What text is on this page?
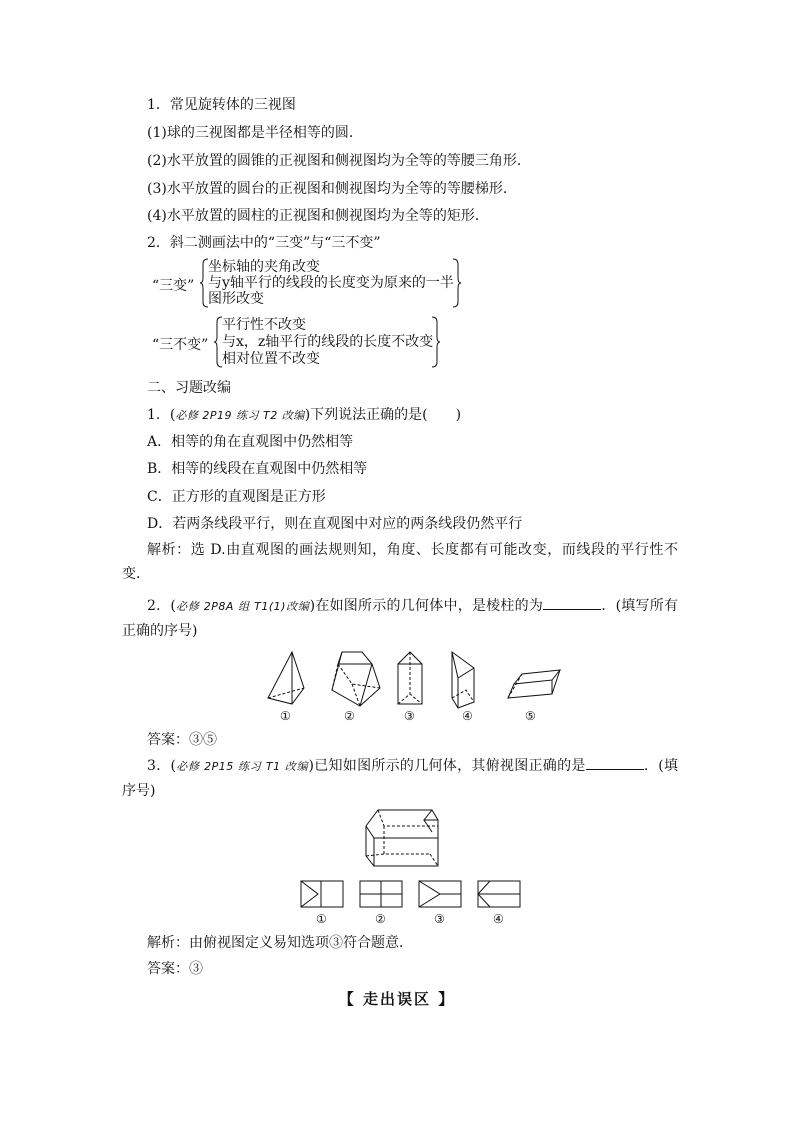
1．常见旋转体的三视图
(1)球的三视图都是半径相等的圆．
(2)水平放置的圆锥的正视图和侧视图均为全等的等腰三角形．
(3)水平放置的圆台的正视图和侧视图均为全等的等腰梯形．
(4)水平放置的圆柱的正视图和侧视图均为全等的矩形．
2．斜二测画法中的“三变”与“三不变”
“三变”
坐标轴的夹角改变
与y轴平行的线段的长度变为原来的一半
图形改变
“三不变”
平行性不改变
与x，z轴平行的线段的长度不改变
相对位置不改变
二、习题改编
1．(必修 2P19 练习 T2 改编)下列说法正确的是(　　)
A．相等的角在直观图中仍然相等
B．相等的线段在直观图中仍然相等
C．正方形的直观图是正方形
D．若两条线段平行，则在直观图中对应的两条线段仍然平行
解析：选 D.由直观图的画法规则知，角度、长度都有可能改变，而线段的平行性不变．
2．(必修 2P8A 组 T1(1)改编)在如图所示的几何体中，是棱柱的为	．(填写所有正确的序号)
①	②	③	④	⑤
答案：③⑤
3．(必修 2P15 练习 T1 改编)已知如图所示的几何体，其俯视图正确的是	．(填序号)
①	②	③	④
解析：由俯视图定义易知选项③符合题意．
答案：③
【 走出误区 】
